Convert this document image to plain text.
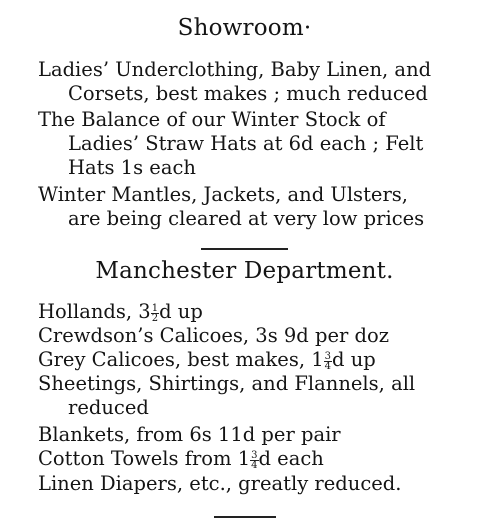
Showroom·
Ladies’ Underclothing, Baby Linen, and
Corsets, best makes ; much reduced
The Balance of our Winter Stock of
Ladies’ Straw Hats at 6d each ; Felt
Hats 1s each
Winter Mantles, Jackets, and Ulsters,
are being cleared at very low prices
Manchester Department.
Hollands, $3 \frac{1}{2}$ d up
Crewdson’s Calicoes, 3s 9d per doz
Grey Calicoes, best makes, $1 \frac{3}{4}$ d up
Sheetings, Shirtings, and Flannels, all
reduced
Blankets, from 6s 11d per pair
Cotton Towels from $1 \frac{3}{4}$ d each
Linen Diapers, etc., greatly reduced.
